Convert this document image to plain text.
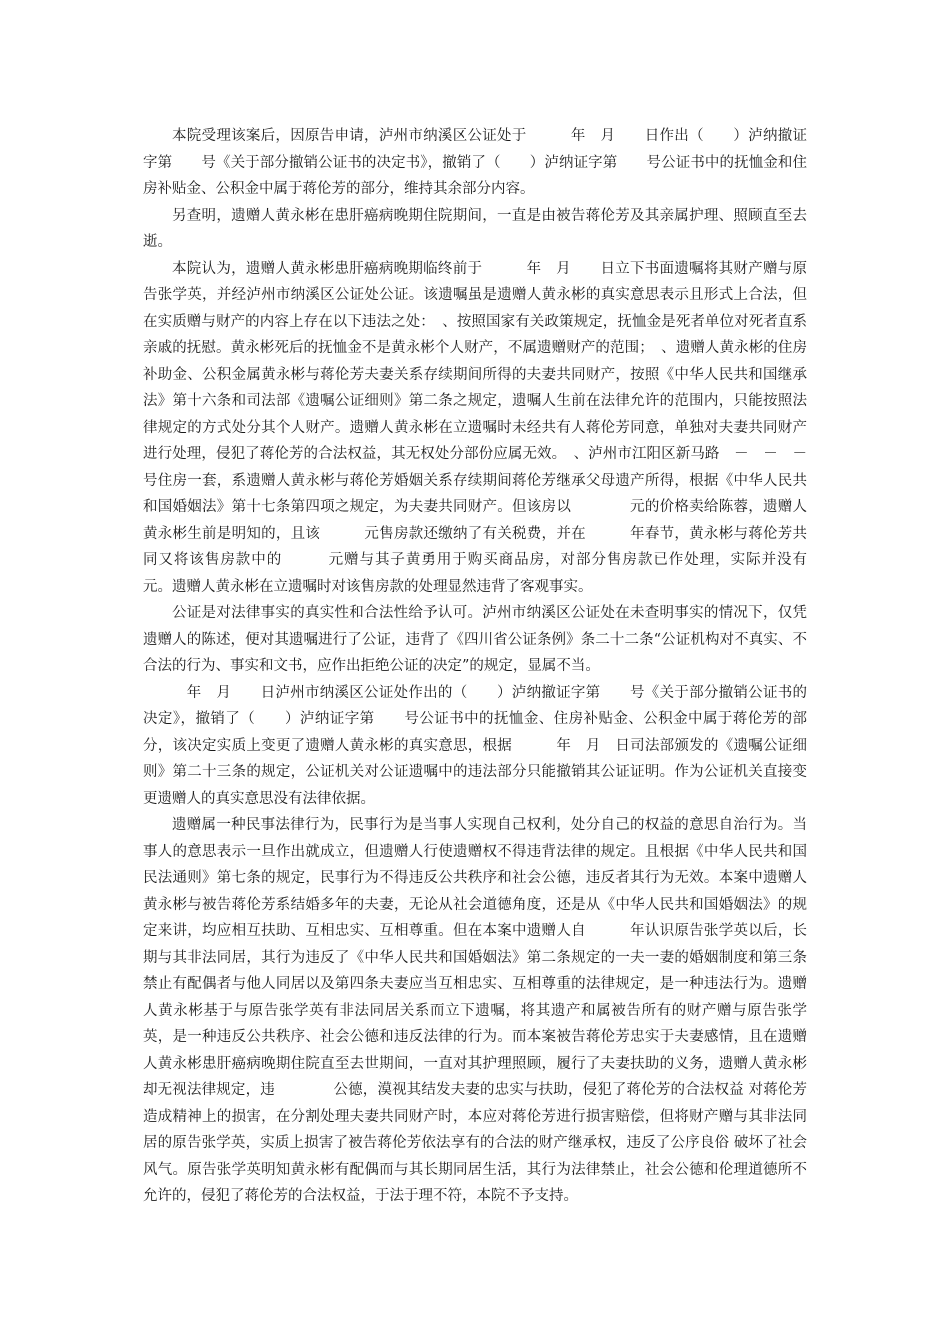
本院受理该案后，因原告申请，泸州市纳溪区公证处于　　　年　月　　日作出（　　）泸纳撤证字第　　号《关于部分撤销公证书的决定书》，撤销了（　　）泸纳证字第　　号公证书中的抚恤金和住房补贴金、公积金中属于蒋伦芳的部分，维持其余部分内容。

另查明，遗赠人黄永彬在患肝癌病晚期住院期间，一直是由被告蒋伦芳及其亲属护理、照顾直至去逝。

本院认为，遗赠人黄永彬患肝癌病晚期临终前于　　　年　月　　日立下书面遗嘱将其财产赠与原告张学英，并经泸州市纳溪区公证处公证。该遗嘱虽是遗赠人黄永彬的真实意思表示且形式上合法，但在实质赠与财产的内容上存在以下违法之处：　、按照国家有关政策规定，抚恤金是死者单位对死者直系亲戚的抚慰。黄永彬死后的抚恤金不是黄永彬个人财产，不属遗赠财产的范围；　、遗赠人黄永彬的住房补助金、公积金属黄永彬与蒋伦芳夫妻关系存续期间所得的夫妻共同财产，按照《中华人民共和国继承法》第十六条和司法部《遗嘱公证细则》第二条之规定，遗嘱人生前在法律允许的范围内，只能按照法律规定的方式处分其个人财产。遗赠人黄永彬在立遗嘱时未经共有人蒋伦芳同意，单独对夫妻共同财产进行处理，侵犯了蒋伦芳的合法权益，其无权处分部份应属无效。　、泸州市江阳区新马路　－　－　－　号住房一套，系遗赠人黄永彬与蒋伦芳婚姻关系存续期间蒋伦芳继承父母遗产所得，根据《中华人民共和国婚姻法》第十七条第四项之规定，为夫妻共同财产。但该房以　　　　元的价格卖给陈蓉，遗赠人黄永彬生前是明知的，且该　　　元售房款还缴纳了有关税费，并在　　　年春节，黄永彬与蒋伦芳共同又将该售房款中的　　　元赠与其子黄勇用于购买商品房，对部分售房款已作处理，实际并没有　　　元。遗赠人黄永彬在立遗嘱时对该售房款的处理显然违背了客观事实。

公证是对法律事实的真实性和合法性给予认可。泸州市纳溪区公证处在未查明事实的情况下，仅凭遗赠人的陈述，便对其遗嘱进行了公证，违背了《四川省公证条例》条二十二条“公证机构对不真实、不合法的行为、事实和文书，应作出拒绝公证的决定”的规定，显属不当。

　年　月　　日泸州市纳溪区公证处作出的（　　）泸纳撤证字第　　号《关于部分撤销公证书的决定》，撤销了（　　）泸纳证字第　　号公证书中的抚恤金、住房补贴金、公积金中属于蒋伦芳的部分，该决定实质上变更了遗赠人黄永彬的真实意思，根据　　　年　月　日司法部颁发的《遗嘱公证细则》第二十三条的规定，公证机关对公证遗嘱中的违法部分只能撤销其公证证明。作为公证机关直接变更遗赠人的真实意思没有法律依据。

遗赠属一种民事法律行为，民事行为是当事人实现自己权利，处分自己的权益的意思自治行为。当事人的意思表示一旦作出就成立，但遗赠人行使遗赠权不得违背法律的规定。且根据《中华人民共和国民法通则》第七条的规定，民事行为不得违反公共秩序和社会公德，违反者其行为无效。本案中遗赠人黄永彬与被告蒋伦芳系结婚多年的夫妻，无论从社会道德角度，还是从《中华人民共和国婚姻法》的规定来讲，均应相互扶助、互相忠实、互相尊重。但在本案中遗赠人自　　　年认识原告张学英以后，长期与其非法同居，其行为违反了《中华人民共和国婚姻法》第二条规定的一夫一妻的婚姻制度和第三条禁止有配偶者与他人同居以及第四条夫妻应当互相忠实、互相尊重的法律规定，是一种违法行为。遗赠人黄永彬基于与原告张学英有非法同居关系而立下遗嘱，将其遗产和属被告所有的财产赠与原告张学英，是一种违反公共秩序、社会公德和违反法律的行为。而本案被告蒋伦芳忠实于夫妻感情，且在遗赠人黄永彬患肝癌病晚期住院直至去世期间，一直对其护理照顾，履行了夫妻扶助的义务，遗赠人黄永彬却无视法律规定，违　　　　公德，漠视其结发夫妻的忠实与扶助，侵犯了蒋伦芳的合法权益 对蒋伦芳造成精神上的损害，在分割处理夫妻共同财产时，本应对蒋伦芳进行损害赔偿，但将财产赠与其非法同居的原告张学英，实质上损害了被告蒋伦芳依法享有的合法的财产继承权，违反了公序良俗 破坏了社会风气。原告张学英明知黄永彬有配偶而与其长期同居生活，其行为法律禁止，社会公德和伦理道德所不允许的，侵犯了蒋伦芳的合法权益，于法于理不符，本院不予支持。
